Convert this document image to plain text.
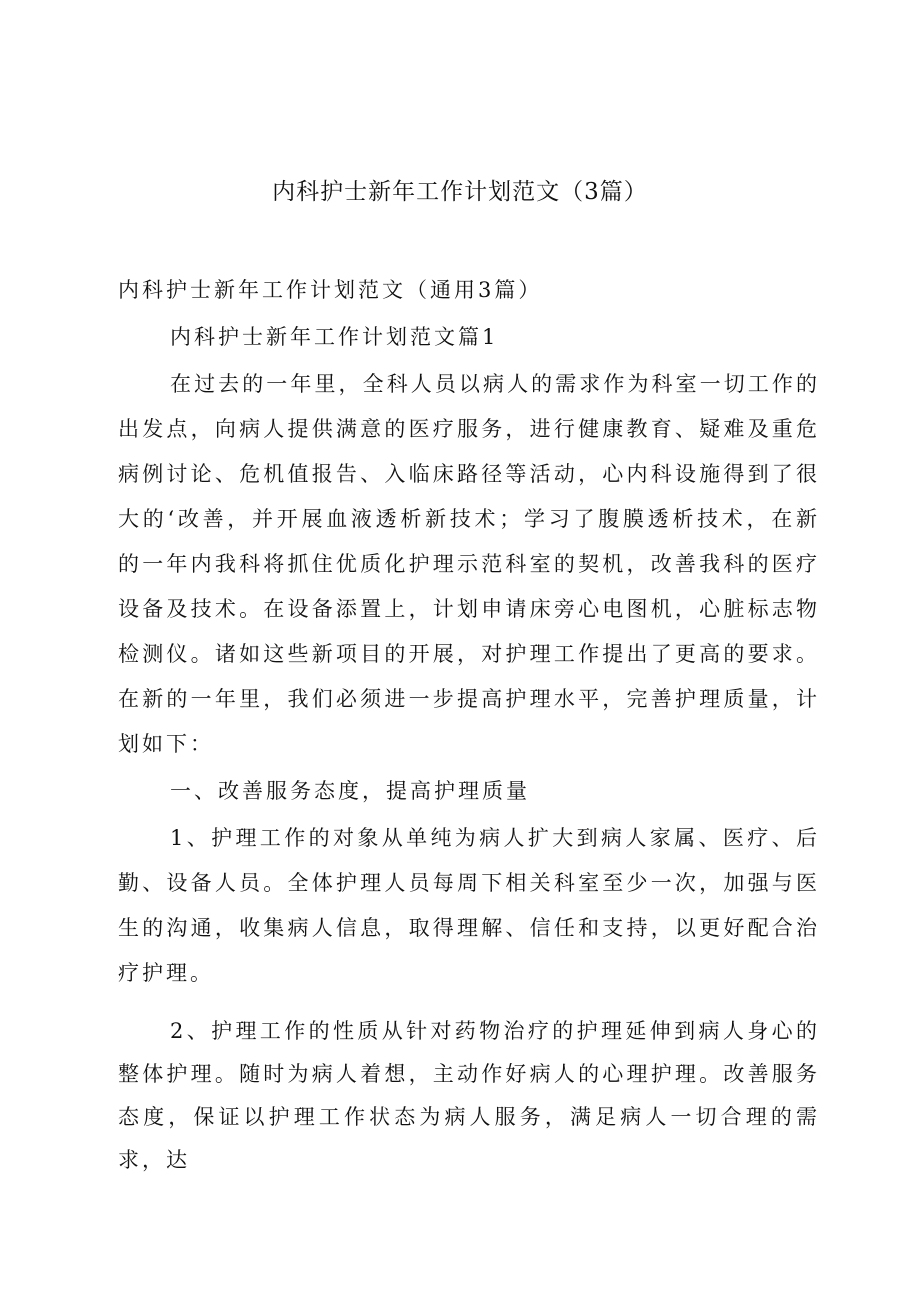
内科护士新年工作计划范文（3篇）

内科护士新年工作计划范文（通用3篇）

内科护士新年工作计划范文篇1

在过去的一年里，全科人员以病人的需求作为科室一切工作的出发点，向病人提供满意的医疗服务，进行健康教育、疑难及重危病例讨论、危机值报告、入临床路径等活动，心内科设施得到了很大的‘改善，并开展血液透析新技术；学习了腹膜透析技术，在新的一年内我科将抓住优质化护理示范科室的契机，改善我科的医疗设备及技术。在设备添置上，计划申请床旁心电图机，心脏标志物检测仪。诸如这些新项目的开展，对护理工作提出了更高的要求。在新的一年里，我们必须进一步提高护理水平，完善护理质量，计划如下：

一、改善服务态度，提高护理质量

1、护理工作的对象从单纯为病人扩大到病人家属、医疗、后勤、设备人员。全体护理人员每周下相关科室至少一次，加强与医生的沟通，收集病人信息，取得理解、信任和支持，以更好配合治疗护理。

2、护理工作的性质从针对药物治疗的护理延伸到病人身心的整体护理。随时为病人着想，主动作好病人的心理护理。改善服务态度，保证以护理工作状态为病人服务，满足病人一切合理的需求，达
